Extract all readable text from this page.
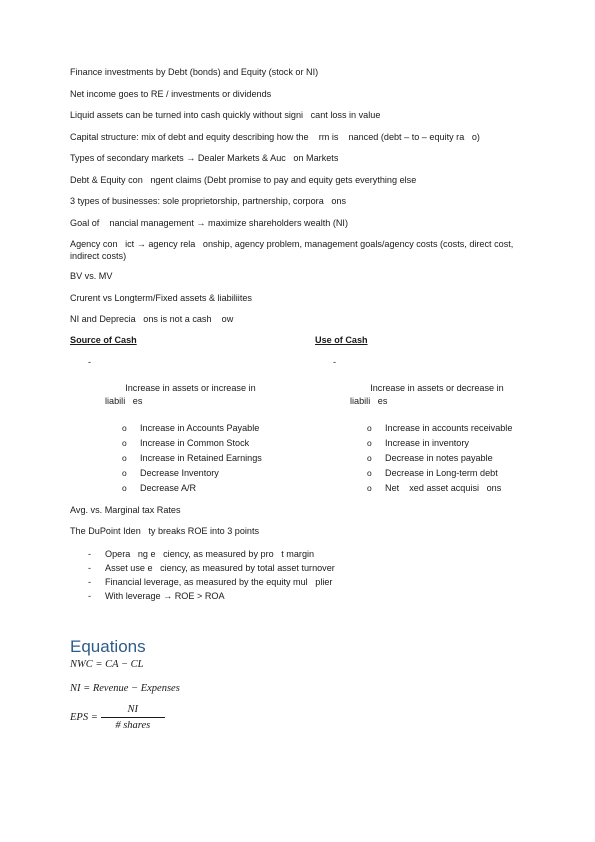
Finance investments by Debt (bonds) and Equity (stock or NI)

Net income goes to RE / investments or dividends

Liquid assets can be turned into cash quickly without signi   cant loss in value

Capital structure: mix of debt and equity describing how the    rm is    nanced (debt – to – equity ra   o)

Types of secondary markets → Dealer Markets & Auc   on Markets

Debt & Equity con   ngent claims (Debt promise to pay and equity gets everything else

3 types of businesses: sole proprietorship, partnership, corpora   ons

Goal of    nancial management → maximize shareholders wealth (NI)

Agency con   ict → agency rela   onship, agency problem, management goals/agency costs (costs, direct cost, indirect costs)

BV vs. MV

Crurent vs Longterm/Fixed assets & liabiliites

NI and Deprecia   ons is not a cash    ow

Source of Cash

-

Increase in assets or increase in
liabili   es

o Increase in Accounts Payable
o Increase in Common Stock
o Increase in Retained Earnings
o Decrease Inventory
o Decrease A/R
Use of Cash

-

Increase in assets or decrease in
liabili   es

o Increase in accounts receivable
o Increase in inventory
o Decrease in notes payable
o Decrease in Long-term debt
o Net    xed asset acquisi   ons

Avg. vs. Marginal tax Rates

The DuPoint Iden   ty breaks ROE into 3 points

- Opera   ng e   ciency, as measured by pro   t margin
- Asset use e   ciency, as measured by total asset turnover
- Financial leverage, as measured by the equity mul   plier
- With leverage → ROE > ROA
Equations
NWC = CA − CL
NI = Revenue − Expenses
EPS = $\frac{NI}{\text{\# shares}}$
